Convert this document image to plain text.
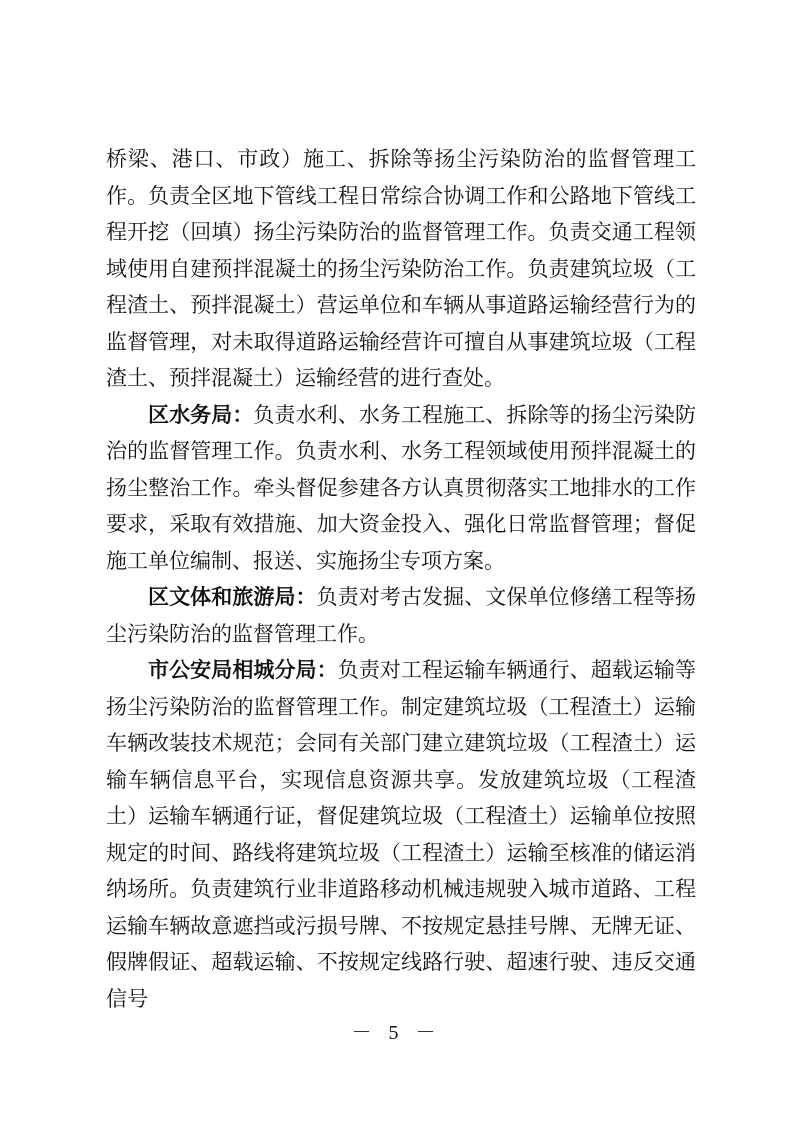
桥梁、港口、市政）施工、拆除等扬尘污染防治的监督管理工作。负责全区地下管线工程日常综合协调工作和公路地下管线工程开挖（回填）扬尘污染防治的监督管理工作。负责交通工程领域使用自建预拌混凝土的扬尘污染防治工作。负责建筑垃圾（工程渣土、预拌混凝土）营运单位和车辆从事道路运输经营行为的监督管理，对未取得道路运输经营许可擅自从事建筑垃圾（工程渣土、预拌混凝土）运输经营的进行查处。

区水务局：负责水利、水务工程施工、拆除等的扬尘污染防治的监督管理工作。负责水利、水务工程领域使用预拌混凝土的扬尘整治工作。牵头督促参建各方认真贯彻落实工地排水的工作要求，采取有效措施、加大资金投入、强化日常监督管理；督促施工单位编制、报送、实施扬尘专项方案。

区文体和旅游局：负责对考古发掘、文保单位修缮工程等扬尘污染防治的监督管理工作。

市公安局相城分局：负责对工程运输车辆通行、超载运输等扬尘污染防治的监督管理工作。制定建筑垃圾（工程渣土）运输车辆改装技术规范；会同有关部门建立建筑垃圾（工程渣土）运输车辆信息平台，实现信息资源共享。发放建筑垃圾（工程渣土）运输车辆通行证，督促建筑垃圾（工程渣土）运输单位按照规定的时间、路线将建筑垃圾（工程渣土）运输至核准的储运消纳场所。负责建筑行业非道路移动机械违规驶入城市道路、工程运输车辆故意遮挡或污损号牌、不按规定悬挂号牌、无牌无证、假牌假证、超载运输、不按规定线路行驶、超速行驶、违反交通信号

－ 5 －
